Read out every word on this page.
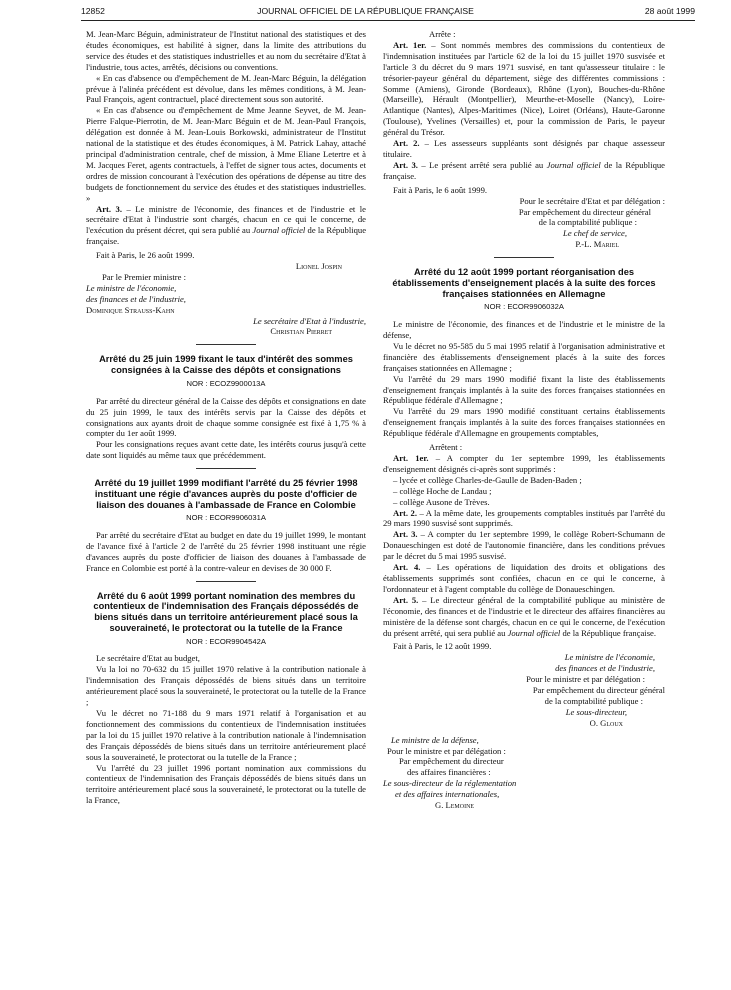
12852	JOURNAL OFFICIEL DE LA RÉPUBLIQUE FRANÇAISE	28 août 1999

M. Jean-Marc Béguin, administrateur de l'Institut national des statistiques et des études économiques, est habilité à signer, dans la limite des attributions du service des études et des statistiques industrielles et au nom du secrétaire d'Etat à l'industrie, tous actes, arrêtés, décisions ou conventions.

« En cas d'absence ou d'empêchement de M. Jean-Marc Béguin, la délégation prévue à l'alinéa précédent est dévolue, dans les mêmes conditions, à M. Jean-Paul François, agent contractuel, placé directement sous son autorité.

« En cas d'absence ou d'empêchement de Mme Jeanne Seyvet, de M. Jean-Pierre Falque-Pierrotin, de M. Jean-Marc Béguin et de M. Jean-Paul François, délégation est donnée à M. Jean-Louis Borkowski, administrateur de l'Institut national de la statistique et des études économiques, à M. Patrick Lahay, attaché principal d'administration centrale, chef de mission, à Mme Eliane Letertre et à M. Jacques Feret, agents contractuels, à l'effet de signer tous actes, documents et ordres de mission concourant à l'exécution des opérations de dépense au titre des budgets de fonctionnement du service des études et des statistiques industrielles. »

Art. 3. – Le ministre de l'économie, des finances et de l'industrie et le secrétaire d'Etat à l'industrie sont chargés, chacun en ce qui le concerne, de l'exécution du présent décret, qui sera publié au Journal officiel de la République française.

Fait à Paris, le 26 août 1999.

Lionel Jospin

Par le Premier ministre :

Le ministre de l'économie,

des finances et de l'industrie,

Dominique Strauss-Kahn

Le secrétaire d'Etat à l'industrie,

Christian Pierret

Arrêté du 25 juin 1999 fixant le taux d'intérêt des sommes consignées à la Caisse des dépôts et consignations
NOR : ECOZ9900013A

Par arrêté du directeur général de la Caisse des dépôts et consignations en date du 25 juin 1999, le taux des intérêts servis par la Caisse des dépôts et consignations aux ayants droit de chaque somme consignée est fixé à 1,75 % à compter du 1er août 1999.

Pour les consignations reçues avant cette date, les intérêts courus jusqu'à cette date sont liquidés au même taux que précédemment.

Arrêté du 19 juillet 1999 modifiant l'arrêté du 25 février 1998 instituant une régie d'avances auprès du poste d'officier de liaison des douanes à l'ambassade de France en Colombie
NOR : ECOR9906031A

Par arrêté du secrétaire d'Etat au budget en date du 19 juillet 1999, le montant de l'avance fixé à l'article 2 de l'arrêté du 25 février 1998 instituant une régie d'avances auprès du poste d'officier de liaison des douanes à l'ambassade de France en Colombie est porté à la contre-valeur en devises de 30 000 F.

Arrêté du 6 août 1999 portant nomination des membres du contentieux de l'indemnisation des Français dépossédés de biens situés dans un territoire antérieurement placé sous la souveraineté, le protectorat ou la tutelle de la France
NOR : ECOR9904542A

Le secrétaire d'Etat au budget,

Vu la loi no 70-632 du 15 juillet 1970 relative à la contribution nationale à l'indemnisation des Français dépossédés de biens situés dans un territoire antérieurement placé sous la souveraineté, le protectorat ou la tutelle de la France ;

Vu le décret no 71-188 du 9 mars 1971 relatif à l'organisation et au fonctionnement des commissions du contentieux de l'indemnisation instituées par la loi du 15 juillet 1970 relative à la contribution nationale à l'indemnisation des Français dépossédés de biens situés dans un territoire antérieurement placé sous la souveraineté, le protectorat ou la tutelle de la France ;

Vu l'arrêté du 23 juillet 1996 portant nomination aux commissions du contentieux de l'indemnisation des Français dépossédés de biens situés dans un territoire antérieurement placé sous la souveraineté, le protectorat ou la tutelle de la France,

Arrête :

Art. 1er. – Sont nommés membres des commissions du contentieux de l'indemnisation instituées par l'article 62 de la loi du 15 juillet 1970 susvisée et l'article 3 du décret du 9 mars 1971 susvisé, en tant qu'assesseur titulaire : le trésorier-payeur général du département, siège des différentes commissions : Somme (Amiens), Gironde (Bordeaux), Rhône (Lyon), Bouches-du-Rhône (Marseille), Hérault (Montpellier), Meurthe-et-Moselle (Nancy), Loire-Atlantique (Nantes), Alpes-Maritimes (Nice), Loiret (Orléans), Haute-Garonne (Toulouse), Yvelines (Versailles) et, pour la commission de Paris, le payeur général du Trésor.

Art. 2. – Les assesseurs suppléants sont désignés par chaque assesseur titulaire.

Art. 3. – Le présent arrêté sera publié au Journal officiel de la République française.

Fait à Paris, le 6 août 1999.

Pour le secrétaire d'Etat et par délégation :

Par empêchement du directeur général

de la comptabilité publique :

Le chef de service,

P.-L. Mariel

Arrêté du 12 août 1999 portant réorganisation des établissements d'enseignement placés à la suite des forces françaises stationnées en Allemagne
NOR : ECOR9906032A

Le ministre de l'économie, des finances et de l'industrie et le ministre de la défense,

Vu le décret no 95-585 du 5 mai 1995 relatif à l'organisation administrative et financière des établissements d'enseignement placés à la suite des forces françaises stationnées en Allemagne ;

Vu l'arrêté du 29 mars 1990 modifié fixant la liste des établissements d'enseignement français implantés à la suite des forces françaises stationnées en République fédérale d'Allemagne ;

Vu l'arrêté du 29 mars 1990 modifié constituant certains établissements d'enseignement français implantés à la suite des forces françaises stationnées en République fédérale d'Allemagne en groupements comptables,

Arrêtent :

Art. 1er. – A compter du 1er septembre 1999, les établissements d'enseignement désignés ci-après sont supprimés :

– lycée et collège Charles-de-Gaulle de Baden-Baden ;

– collège Hoche de Landau ;

– collège Ausone de Trèves.

Art. 2. – A la même date, les groupements comptables institués par l'arrêté du 29 mars 1990 susvisé sont supprimés.

Art. 3. – A compter du 1er septembre 1999, le collège Robert-Schumann de Donaueschingen est doté de l'autonomie financière, dans les conditions prévues par le décret du 5 mai 1995 susvisé.

Art. 4. – Les opérations de liquidation des droits et obligations des établissements supprimés sont confiées, chacun en ce qui le concerne, à l'ordonnateur et à l'agent comptable du collège de Donaueschingen.

Art. 5. – Le directeur général de la comptabilité publique au ministère de l'économie, des finances et de l'industrie et le directeur des affaires financières au ministère de la défense sont chargés, chacun en ce qui le concerne, de l'exécution du présent arrêté, qui sera publié au Journal officiel de la République française.

Fait à Paris, le 12 août 1999.

Le ministre de l'économie,

des finances et de l'industrie,

Pour le ministre et par délégation :

Par empêchement du directeur général

de la comptabilité publique :

Le sous-directeur,

O. Gloux

Le ministre de la défense,

Pour le ministre et par délégation :

Par empêchement du directeur

des affaires financières :

Le sous-directeur de la réglementation

et des affaires internationales,

G. Lemoine
